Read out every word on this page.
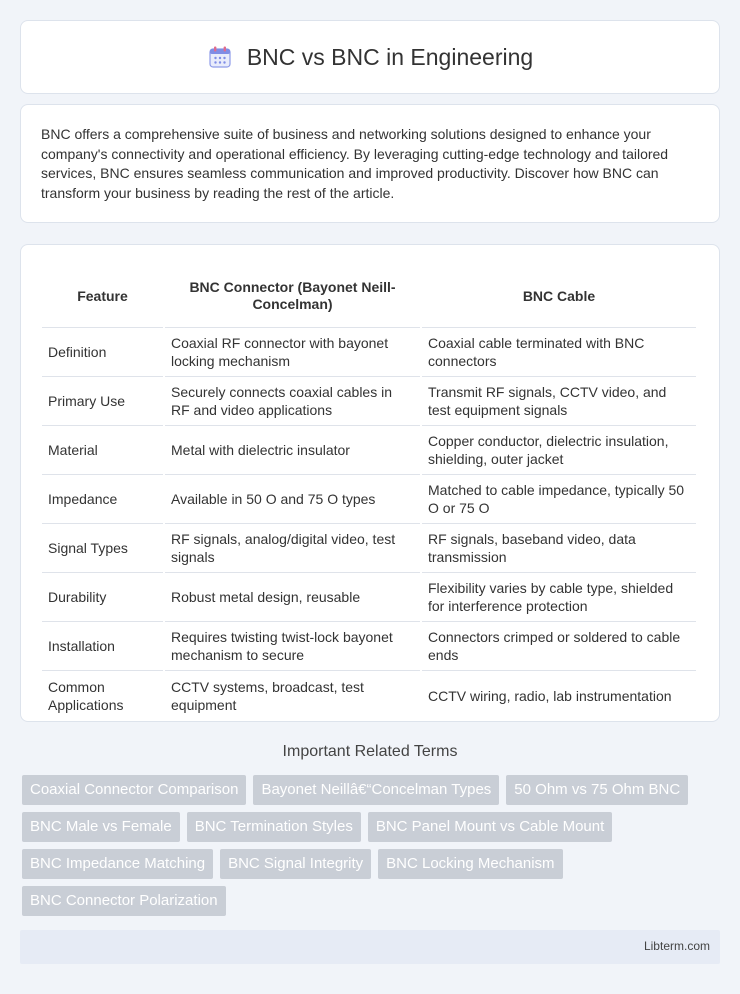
BNC vs BNC in Engineering

BNC offers a comprehensive suite of business and networking solutions designed to enhance your company's connectivity and operational efficiency. By leveraging cutting-edge technology and tailored services, BNC ensures seamless communication and improved productivity. Discover how BNC can transform your business by reading the rest of the article.

Feature	BNC Connector (Bayonet Neill-Concelman)	BNC Cable
Definition	Coaxial RF connector with bayonet locking mechanism	Coaxial cable terminated with BNC connectors
Primary Use	Securely connects coaxial cables in RF and video applications	Transmit RF signals, CCTV video, and test equipment signals
Material	Metal with dielectric insulator	Copper conductor, dielectric insulation, shielding, outer jacket
Impedance	Available in 50 O and 75 O types	Matched to cable impedance, typically 50 O or 75 O
Signal Types	RF signals, analog/digital video, test signals	RF signals, baseband video, data transmission
Durability	Robust metal design, reusable	Flexibility varies by cable type, shielded for interference protection
Installation	Requires twisting twist-lock bayonet mechanism to secure	Connectors crimped or soldered to cable ends
Common Applications	CCTV systems, broadcast, test equipment	CCTV wiring, radio, lab instrumentation
Important Related Terms
Coaxial Connector Comparison	Bayonet Neillâ€“Concelman Types	50 Ohm vs 75 Ohm BNC
BNC Male vs Female	BNC Termination Styles	BNC Panel Mount vs Cable Mount
BNC Impedance Matching	BNC Signal Integrity	BNC Locking Mechanism
BNC Connector Polarization
Libterm.com
